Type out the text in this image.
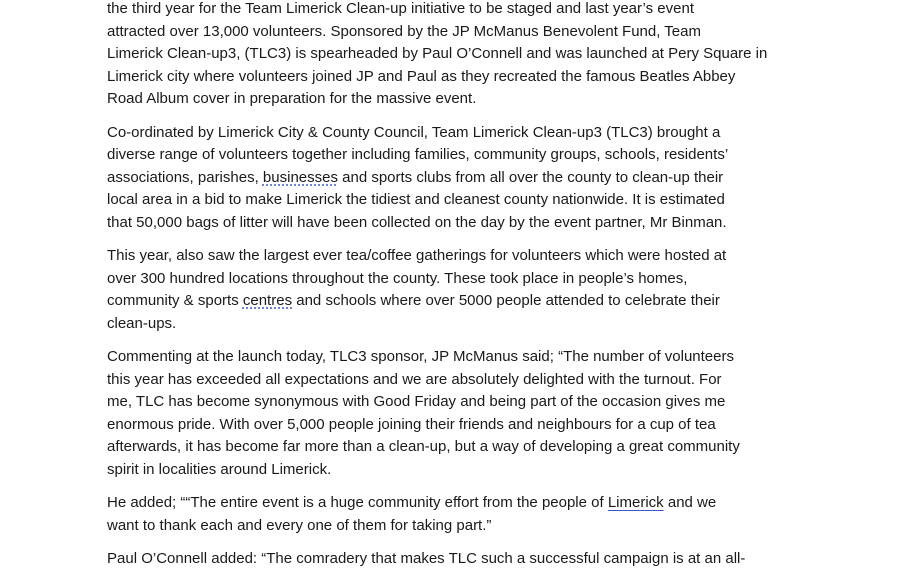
the third year for the Team Limerick Clean-up initiative to be staged and last year’s event
attracted over 13,000 volunteers. Sponsored by the JP McManus Benevolent Fund, Team
Limerick Clean-up3, (TLC3) is spearheaded by Paul O’Connell and was launched at Pery Square in
Limerick city where volunteers joined JP and Paul as they recreated the famous Beatles Abbey
Road Album cover in preparation for the massive event.

Co-ordinated by Limerick City & County Council, Team Limerick Clean-up3 (TLC3) brought a
diverse range of volunteers together including families, community groups, schools, residents’
associations, parishes, businesses and sports clubs from all over the county to clean-up their
local area in a bid to make Limerick the tidiest and cleanest county nationwide. It is estimated
that 50,000 bags of litter will have been collected on the day by the event partner, Mr Binman.

This year, also saw the largest ever tea/coffee gatherings for volunteers which were hosted at
over 300 hundred locations throughout the county. These took place in people’s homes,
community & sports centres and schools where over 5000 people attended to celebrate their
clean-ups.

Commenting at the launch today, TLC3 sponsor, JP McManus said; “The number of volunteers
this year has exceeded all expectations and we are absolutely delighted with the turnout. For
me, TLC has become synonymous with Good Friday and being part of the occasion gives me
enormous pride. With over 5,000 people joining their friends and neighbours for a cup of tea
afterwards, it has become far more than a clean-up, but a way of developing a great community
spirit in localities around Limerick.

He added; ““The entire event is a huge community effort from the people of Limerick and we
want to thank each and every one of them for taking part.”

Paul O’Connell added: “The comradery that makes TLC such a successful campaign is at an all-
